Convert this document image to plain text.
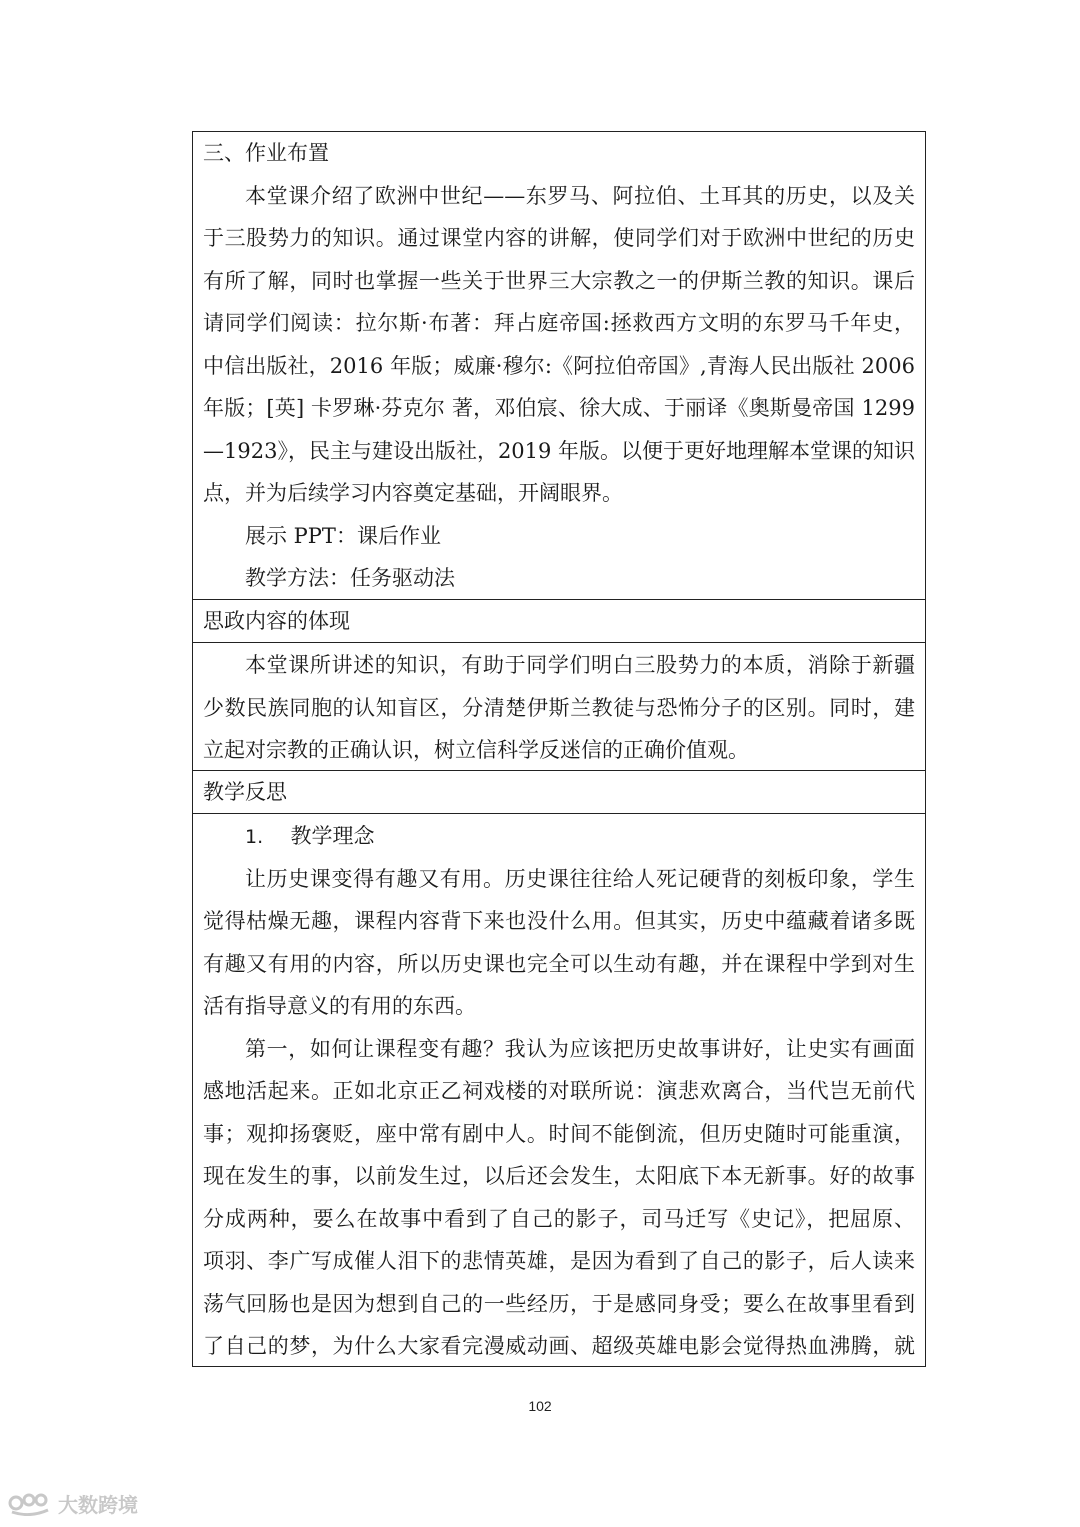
三、作业布置
本堂课介绍了欧洲中世纪——东罗马、阿拉伯、土耳其的历史，以及关
于三股势力的知识。通过课堂内容的讲解，使同学们对于欧洲中世纪的历史
有所了解，同时也掌握一些关于世界三大宗教之一的伊斯兰教的知识。课后
请同学们阅读：拉尔斯·布著：拜占庭帝国:拯救西方文明的东罗马千年史，
中信出版社，2016 年版；威廉·穆尔:《阿拉伯帝国》,青海人民出版社 2006
年版；[英] 卡罗琳·芬克尔 著，邓伯宸、徐大成、于丽译《奥斯曼帝国 1299
—1923》，民主与建设出版社，2019 年版。以便于更好地理解本堂课的知识
点，并为后续学习内容奠定基础，开阔眼界。
展示 PPT：课后作业
教学方法：任务驱动法
思政内容的体现
本堂课所讲述的知识，有助于同学们明白三股势力的本质，消除于新疆
少数民族同胞的认知盲区，分清楚伊斯兰教徒与恐怖分子的区别。同时，建
立起对宗教的正确认识，树立信科学反迷信的正确价值观。
教学反思
1. 教学理念
让历史课变得有趣又有用。历史课往往给人死记硬背的刻板印象，学生
觉得枯燥无趣，课程内容背下来也没什么用。但其实，历史中蕴藏着诸多既
有趣又有用的内容，所以历史课也完全可以生动有趣，并在课程中学到对生
活有指导意义的有用的东西。
第一，如何让课程变有趣？我认为应该把历史故事讲好，让史实有画面
感地活起来。正如北京正乙祠戏楼的对联所说：演悲欢离合，当代岂无前代
事；观抑扬褒贬，座中常有剧中人。时间不能倒流，但历史随时可能重演，
现在发生的事，以前发生过，以后还会发生，太阳底下本无新事。好的故事
分成两种，要么在故事中看到了自己的影子，司马迁写《史记》，把屈原、
项羽、李广写成催人泪下的悲情英雄，是因为看到了自己的影子，后人读来
荡气回肠也是因为想到自己的一些经历，于是感同身受；要么在故事里看到
了自己的梦，为什么大家看完漫威动画、超级英雄电影会觉得热血沸腾，就
102
大数跨境
